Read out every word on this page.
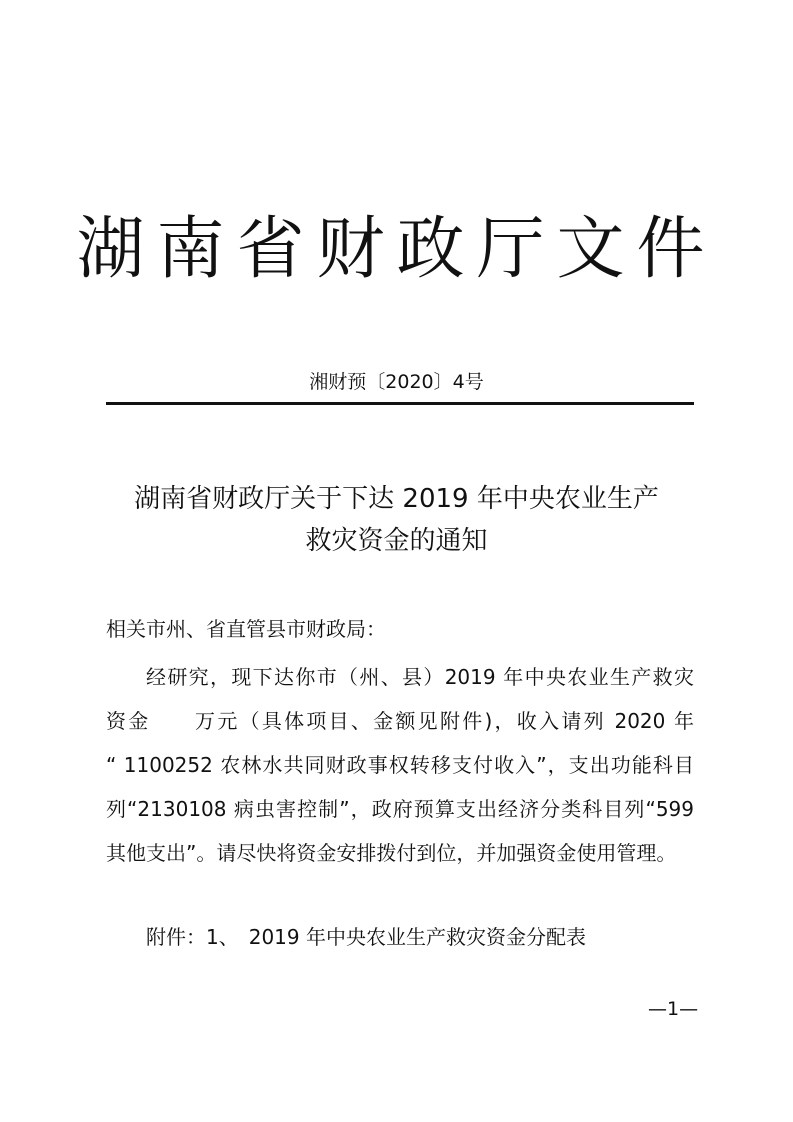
湖南省财政厅文件
湘财预〔2020〕4号
湖南省财政厅关于下达 2019 年中央农业生产
救灾资金的通知
相关市州、省直管县市财政局：
经研究，现下达你市（州、县）2019 年中央农业生产救灾
资金　　万元（具体项目、金额见附件)，收入请列 2020 年
“ 1100252 农林水共同财政事权转移支付收入”，支出功能科目
列“2130108 病虫害控制”，政府预算支出经济分类科目列“599
其他支出”。请尽快将资金安排拨付到位，并加强资金使用管理。
附件：1、　2019 年中央农业生产救灾资金分配表
—1—
